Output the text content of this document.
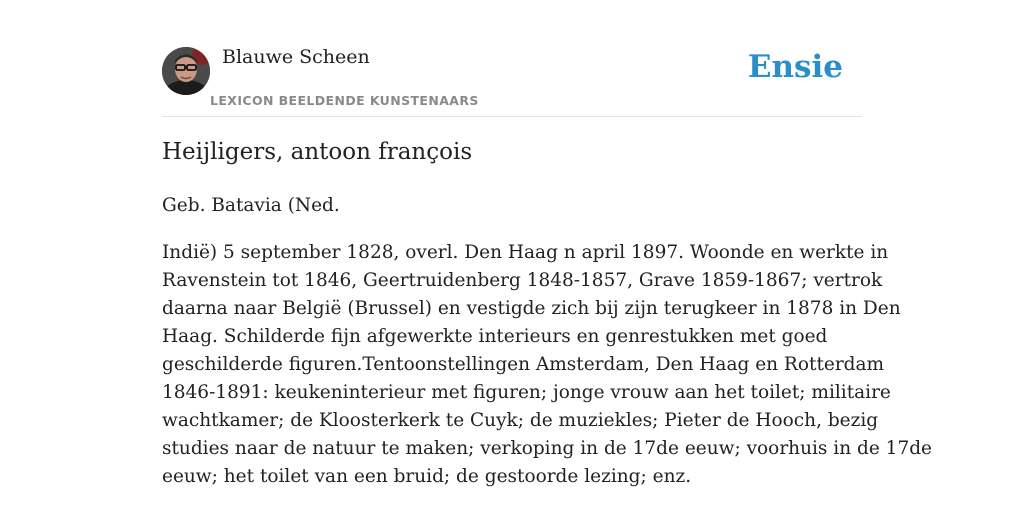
Blauwe Scheen
LEXICON BEELDENDE KUNSTENAARS
Ensie
Heijligers, antoon françois
Geb. Batavia (Ned.
Indië) 5 september 1828, overl. Den Haag n april 1897. Woonde en werkte in
Ravenstein tot 1846, Geertruidenberg 1848-1857, Grave 1859-1867; vertrok
daarna naar België (Brussel) en vestigde zich bij zijn terugkeer in 1878 in Den
Haag. Schilderde fijn afgewerkte interieurs en genrestukken met goed
geschilderde figuren.Tentoonstellingen Amsterdam, Den Haag en Rotterdam
1846-1891: keukeninterieur met figuren; jonge vrouw aan het toilet; militaire
wachtkamer; de Kloosterkerk te Cuyk; de muziekles; Pieter de Hooch, bezig
studies naar de natuur te maken; verkoping in de 17de eeuw; voorhuis in de 17de
eeuw; het toilet van een bruid; de gestoorde lezing; enz.
